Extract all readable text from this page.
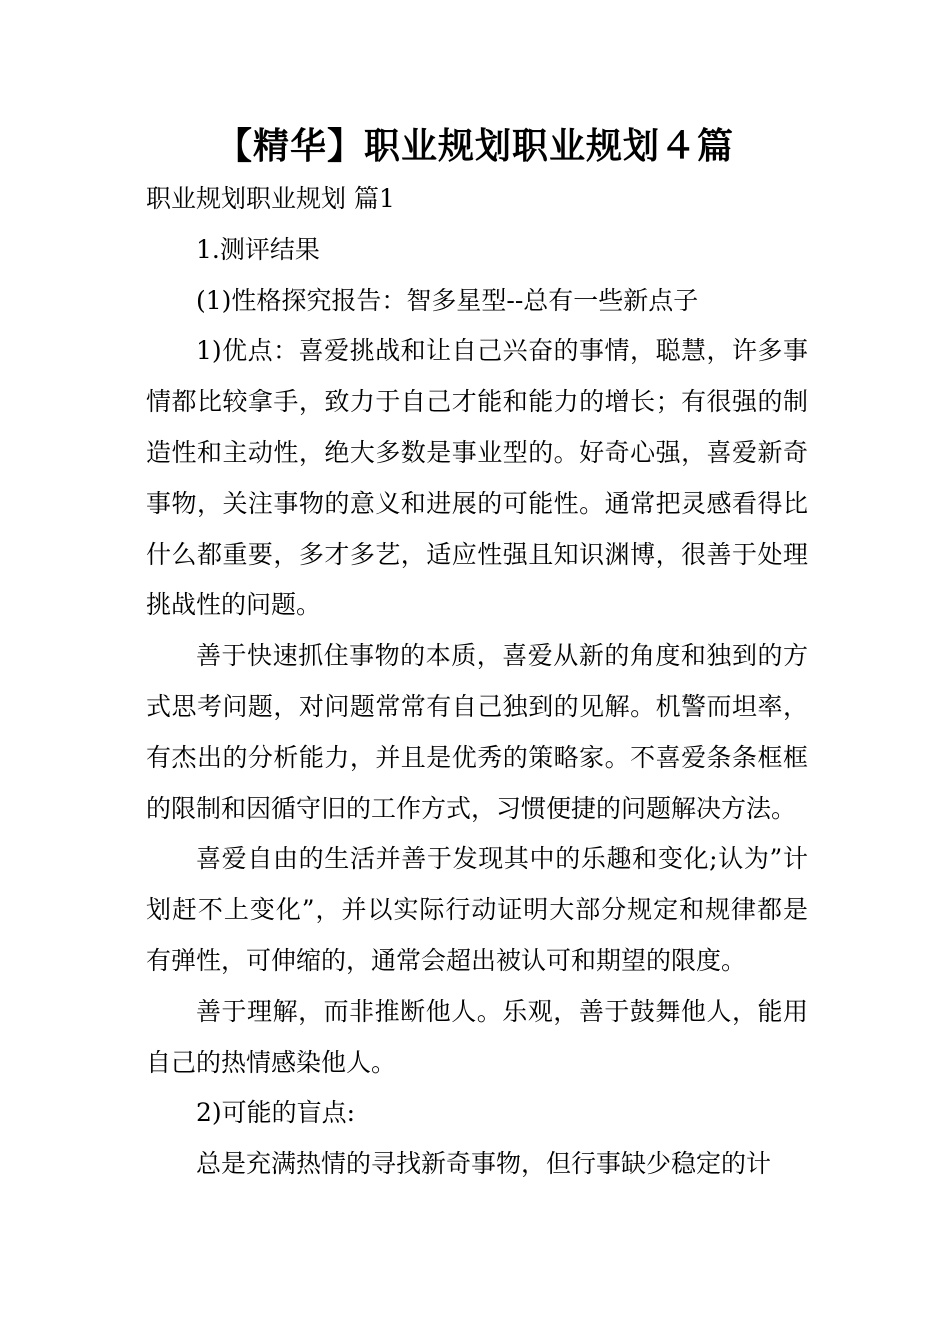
【精华】职业规划职业规划４篇

职业规划职业规划 篇1

1.测评结果

(1)性格探究报告：智多星型--总有一些新点子

1)优点：喜爱挑战和让自己兴奋的事情，聪慧，许多事情都比较拿手，致力于自己才能和能力的增长；有很强的制造性和主动性，绝大多数是事业型的。好奇心强，喜爱新奇事物，关注事物的意义和进展的可能性。通常把灵感看得比什么都重要，多才多艺，适应性强且知识渊博，很善于处理挑战性的问题。

善于快速抓住事物的本质，喜爱从新的角度和独到的方式思考问题，对问题常常有自己独到的见解。机警而坦率，有杰出的分析能力，并且是优秀的策略家。不喜爱条条框框的限制和因循守旧的工作方式，习惯便捷的问题解决方法。

喜爱自由的生活并善于发现其中的乐趣和变化;认为”计划赶不上变化”，并以实际行动证明大部分规定和规律都是有弹性，可伸缩的，通常会超出被认可和期望的限度。

善于理解，而非推断他人。乐观，善于鼓舞他人，能用自己的热情感染他人。

2)可能的盲点:

总是充满热情的寻找新奇事物，但行事缺少稳定的计
